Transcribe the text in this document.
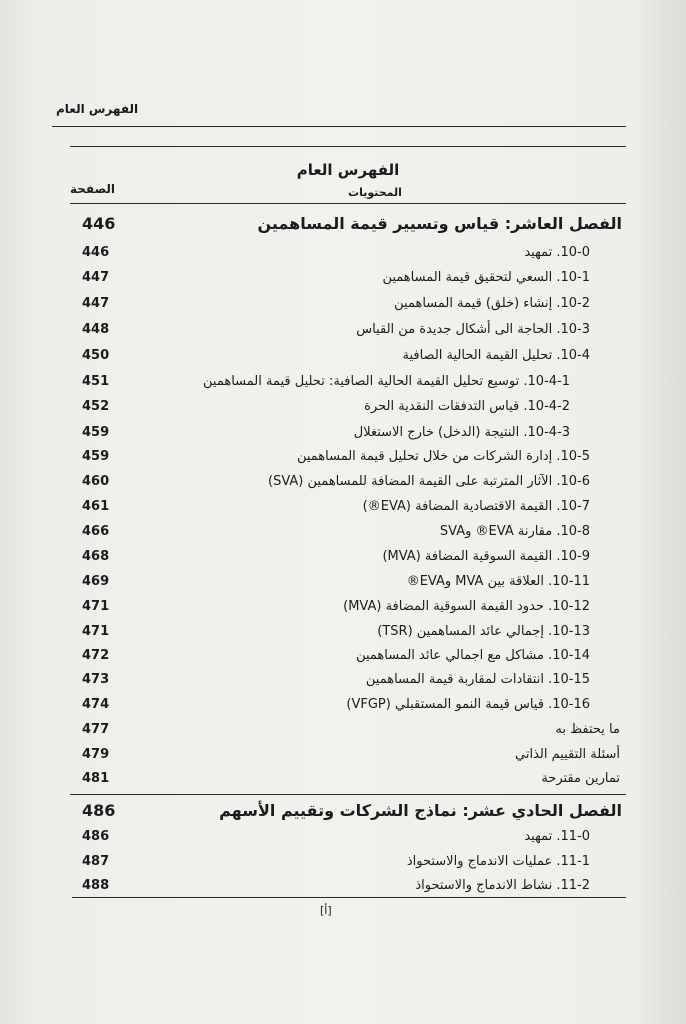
الفهرس العام
الفهرس العام
الصفحة	المحتويات
الفصل العاشر: قياس وتسيير قيمة المساهمين
446
10-0. تمهيد
446
10-1. السعي لتحقيق قيمة المساهمين
447
10-2. إنشاء (خلق) قيمة المساهمين
447
10-3. الحاجة الى أشكال جديدة من القياس
448
10-4. تحليل القيمة الحالية الصافية
450
10-4-1. توسيع تحليل القيمة الحالية الصافية: تحليل قيمة المساهمين
451
10-4-2. قياس التدفقات النقدية الحرة
452
10-4-3. النتيجة (الدخل) خارج الاستغلال
459
10-5. إدارة الشركات من خلال تحليل قيمة المساهمين
459
10-6. الآثار المترتبة على القيمة المضافة للمساهمين (SVA)
460
10-7. القيمة الاقتصادية المضافة (EVA®)
461
10-8. مقارنة EVA® وSVA
466
10-9. القيمة السوقية المضافة (MVA)
468
10-11. العلاقة بين MVA وEVA®
469
10-12. حدود القيمة السوقية المضافة (MVA)
471
10-13. إجمالي عائد المساهمين (TSR)
471
10-14. مشاكل مع اجمالي عائد المساهمين
472
10-15. انتقادات لمقاربة قيمة المساهمين
473
10-16. قياس قيمة النمو المستقبلي (VFGP)
474
ما يحتفظ به
477
أسئلة التقييم الذاتي
479
تمارين مقترحة
481
الفصل الحادي عشر: نماذج الشركات وتقييم الأسهم
486
11-0. تمهيد
486
11-1. عمليات الاندماج والاستحواذ
487
11-2. نشاط الاندماج والاستحواذ
488
[أ]
